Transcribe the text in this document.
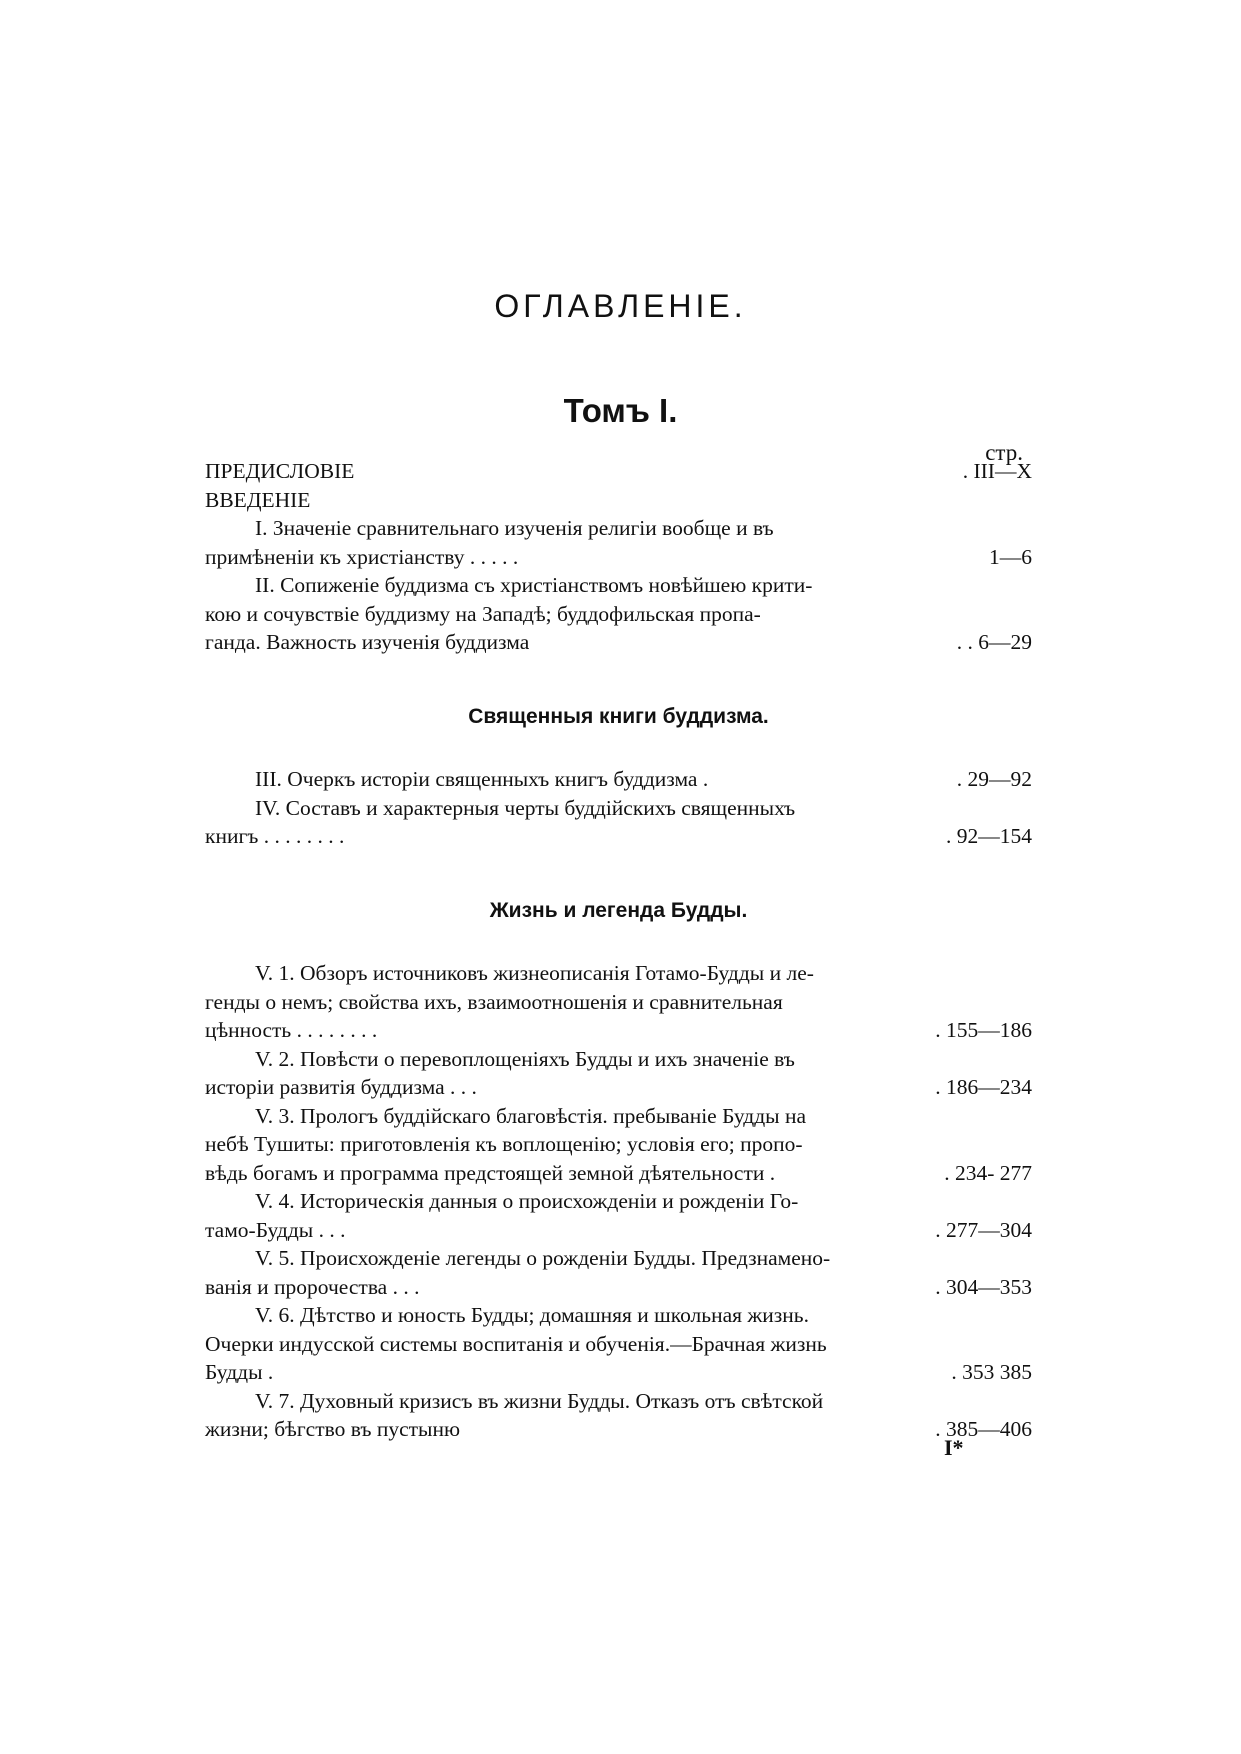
ОГЛАВЛЕНІЕ.
Томъ I.
стр.
ПРЕДИСЛОВІЕ	. III—X
ВВЕДЕНІЕ
I. Значеніе сравнительнаго изученія религіи вообще и въ
примѣненіи къ христіанству . . . . .	1—6
II. Сопиженіе буддизма съ христіанствомъ новѣйшею крити-
кою и сочувствіе буддизму на Западѣ; буддофильская пропа-
ганда. Важность изученія буддизма	. . 6—29
Священныя книги буддизма.
III. Очеркъ исторіи священныхъ книгъ буддизма .	. 29—92
IV. Составъ и характерныя черты буддійскихъ священныхъ
книгъ . . . . . . . .	. 92—154
Жизнь и легенда Будды.
V. 1. Обзоръ источниковъ жизнеописанія Готамо-Будды и ле-
генды о немъ; свойства ихъ, взаимоотношенія и сравнительная
цѣнность . . . . . . . .	. 155—186
V. 2. Повѣсти о перевоплощеніяхъ Будды и ихъ значеніе въ
исторіи развитія буддизма . . .	. 186—234
V. 3. Прологъ буддійскаго благовѣстія. пребываніе Будды на
небѣ Тушиты: приготовленія къ воплощенію; условія его; пропо-
вѣдь богамъ и программа предстоящей земной дѣятельности .	. 234- 277
V. 4. Историческія данныя о происхожденіи и рожденіи Го-
тамо-Будды . . .	. 277—304
V. 5. Происхожденіе легенды о рожденіи Будды. Предзнамено-
ванія и пророчества . . .	. 304—353
V. 6. Дѣтство и юность Будды; домашняя и школьная жизнь.
Очерки индусской системы воспитанія и обученія.—Брачная жизнь
Будды .	. 353 385
V. 7. Духовный кризисъ въ жизни Будды. Отказъ отъ свѣтской
жизни; бѣгство въ пустыню	. 385—406
I*
